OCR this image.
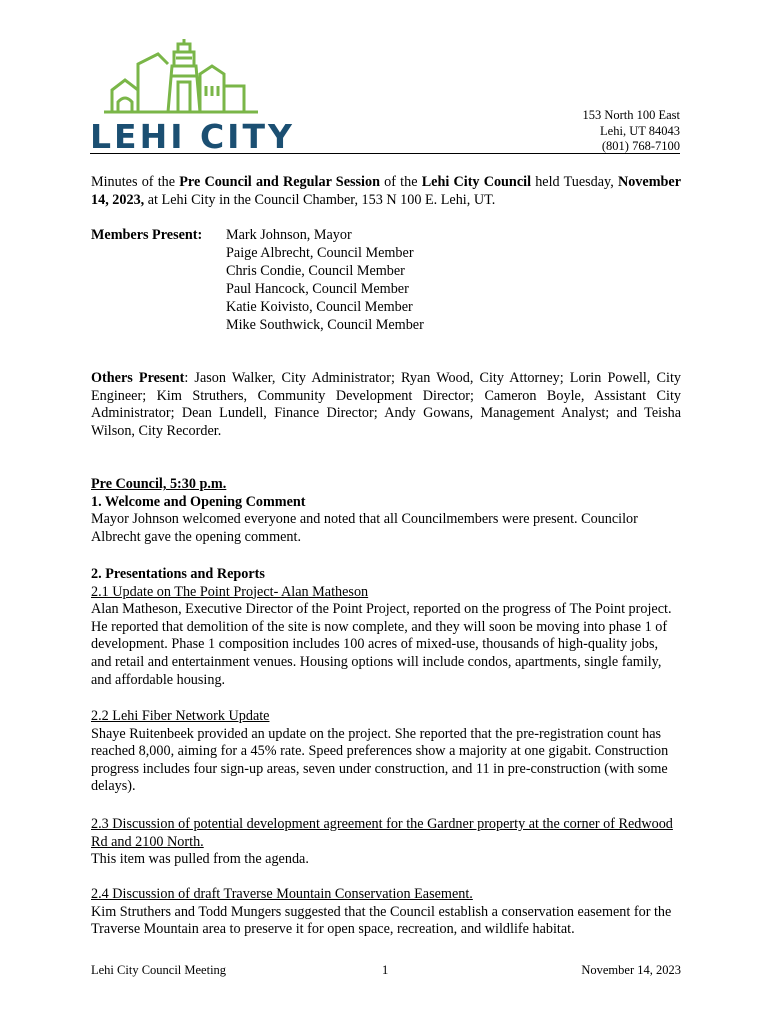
LEHI CITY
153 North 100 East
Lehi, UT 84043
(801) 768-7100

Minutes of the Pre Council and Regular Session of the Lehi City Council held Tuesday, November 14, 2023, at Lehi City in the Council Chamber, 153 N 100 E. Lehi, UT.

Members Present: Mark Johnson, Mayor
Paige Albrecht, Council Member
Chris Condie, Council Member
Paul Hancock, Council Member
Katie Koivisto, Council Member
Mike Southwick, Council Member

Others Present: Jason Walker, City Administrator; Ryan Wood, City Attorney; Lorin Powell, City Engineer; Kim Struthers, Community Development Director; Cameron Boyle, Assistant City Administrator; Dean Lundell, Finance Director; Andy Gowans, Management Analyst; and Teisha Wilson, City Recorder.

Pre Council, 5:30 p.m.
1. Welcome and Opening Comment
Mayor Johnson welcomed everyone and noted that all Councilmembers were present. Councilor Albrecht gave the opening comment.
2. Presentations and Reports
2.1 Update on The Point Project- Alan Matheson
Alan Matheson, Executive Director of the Point Project, reported on the progress of The Point project. He reported that demolition of the site is now complete, and they will soon be moving into phase 1 of development. Phase 1 composition includes 100 acres of mixed-use, thousands of high-quality jobs, and retail and entertainment venues. Housing options will include condos, apartments, single family, and affordable housing.
2.2 Lehi Fiber Network Update
Shaye Ruitenbeek provided an update on the project. She reported that the pre-registration count has reached 8,000, aiming for a 45% rate. Speed preferences show a majority at one gigabit. Construction progress includes four sign-up areas, seven under construction, and 11 in pre-construction (with some delays).
2.3 Discussion of potential development agreement for the Gardner property at the corner of Redwood Rd and 2100 North.
This item was pulled from the agenda.
2.4 Discussion of draft Traverse Mountain Conservation Easement.
Kim Struthers and Todd Mungers suggested that the Council establish a conservation easement for the Traverse Mountain area to preserve it for open space, recreation, and wildlife habitat.
Lehi City Council Meeting	1	November 14, 2023
